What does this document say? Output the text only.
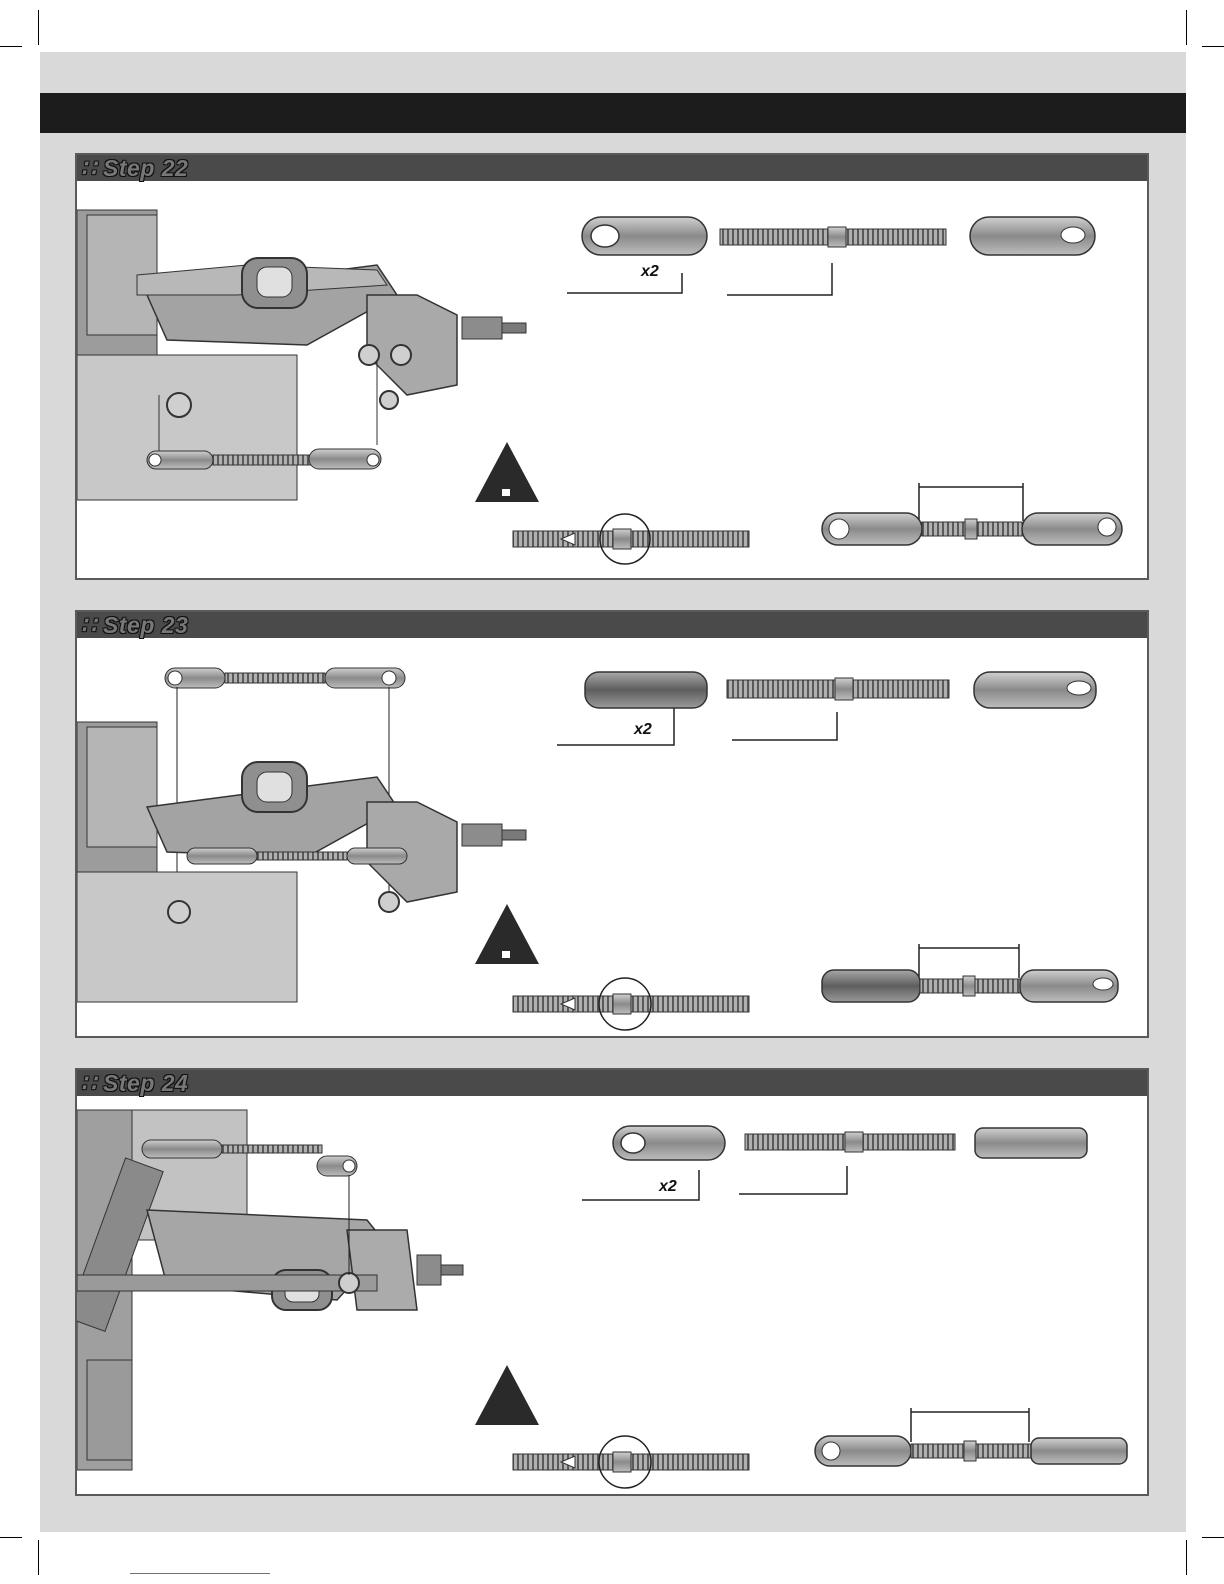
∷ Step 22
∷ Step 23
∷ Step 24
x2
x2
x2
